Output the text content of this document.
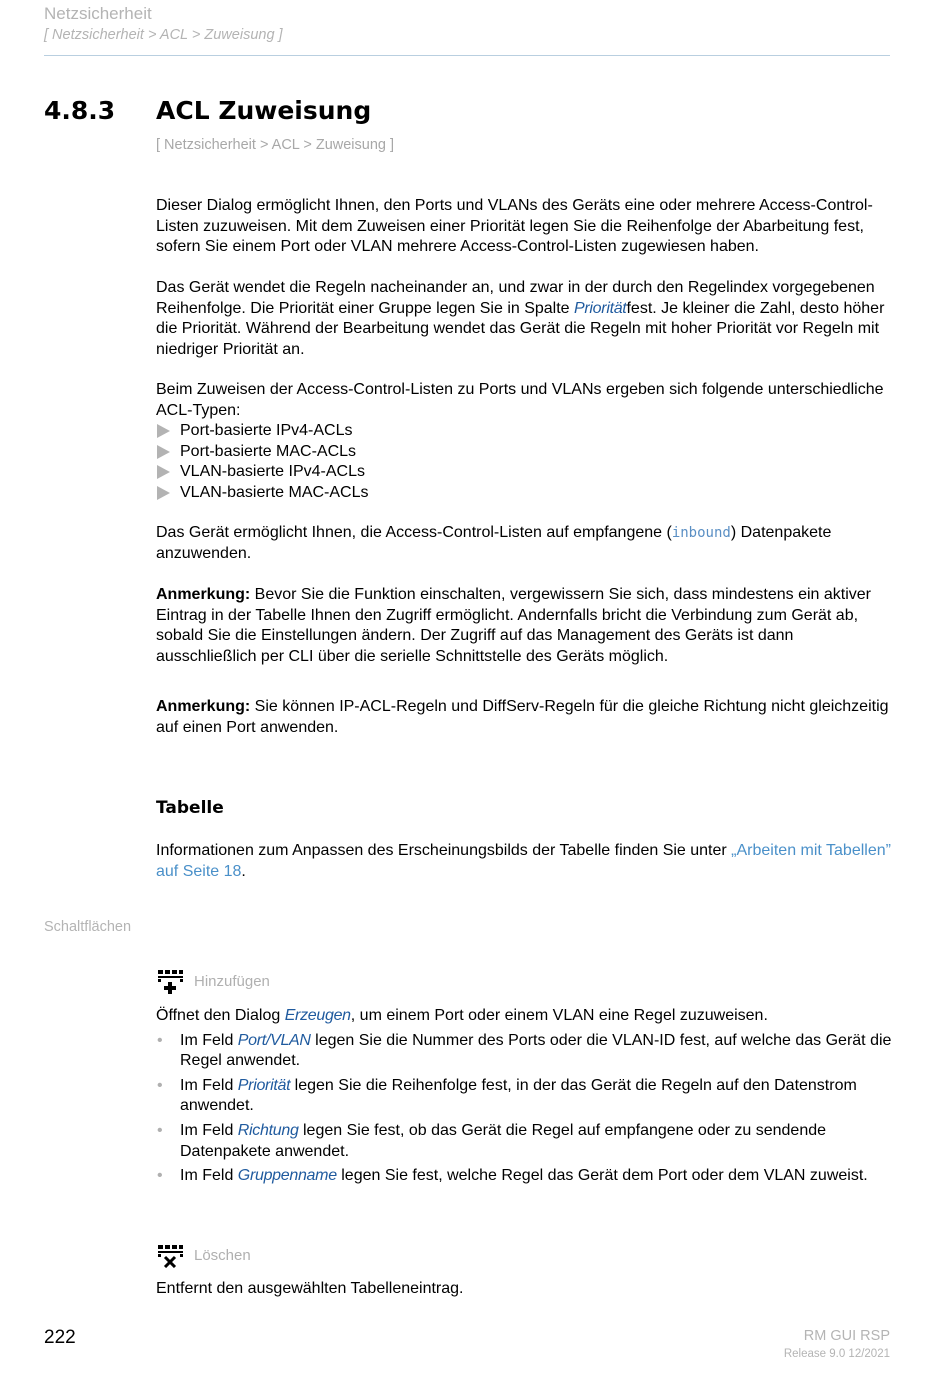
Netzsicherheit
[ Netzsicherheit > ACL > Zuweisung ]
4.8.3 ACL Zuweisung
[ Netzsicherheit > ACL > Zuweisung ]

Dieser Dialog ermöglicht Ihnen, den Ports und VLANs des Geräts eine oder mehrere Access-Control-Listen zuzuweisen. Mit dem Zuweisen einer Priorität legen Sie die Reihenfolge der Abarbeitung fest, sofern Sie einem Port oder VLAN mehrere Access-Control-Listen zugewiesen haben.

Das Gerät wendet die Regeln nacheinander an, und zwar in der durch den Regelindex vorgegebenen Reihenfolge. Die Priorität einer Gruppe legen Sie in Spalte Prioritätfest. Je kleiner die Zahl, desto höher die Priorität. Während der Bearbeitung wendet das Gerät die Regeln mit hoher Priorität vor Regeln mit niedriger Priorität an.

Beim Zuweisen der Access-Control-Listen zu Ports und VLANs ergeben sich folgende unterschiedliche ACL-Typen:

Port-basierte IPv4-ACLs
Port-basierte MAC-ACLs
VLAN-basierte IPv4-ACLs
VLAN-basierte MAC-ACLs

Das Gerät ermöglicht Ihnen, die Access-Control-Listen auf empfangene (inbound) Datenpakete anzuwenden.

Anmerkung: Bevor Sie die Funktion einschalten, vergewissern Sie sich, dass mindestens ein aktiver Eintrag in der Tabelle Ihnen den Zugriff ermöglicht. Andernfalls bricht die Verbindung zum Gerät ab, sobald Sie die Einstellungen ändern. Der Zugriff auf das Management des Geräts ist dann ausschließlich per CLI über die serielle Schnittstelle des Geräts möglich.

Anmerkung: Sie können IP-ACL-Regeln und DiffServ-Regeln für die gleiche Richtung nicht gleichzeitig auf einen Port anwenden.

Tabelle

Informationen zum Anpassen des Erscheinungsbilds der Tabelle finden Sie unter „Arbeiten mit Tabellen” auf Seite 18.

Schaltflächen
Hinzufügen

Öffnet den Dialog Erzeugen, um einem Port oder einem VLAN eine Regel zuzuweisen.

• Im Feld Port/VLAN legen Sie die Nummer des Ports oder die VLAN-ID fest, auf welche das Gerät die Regel anwendet.
• Im Feld Priorität legen Sie die Reihenfolge fest, in der das Gerät die Regeln auf den Datenstrom anwendet.
• Im Feld Richtung legen Sie fest, ob das Gerät die Regel auf empfangene oder zu sendende Datenpakete anwendet.
• Im Feld Gruppenname legen Sie fest, welche Regel das Gerät dem Port oder dem VLAN zuweist.
Löschen

Entfernt den ausgewählten Tabelleneintrag.

222	RM GUI RSP
Release 9.0 12/2021
